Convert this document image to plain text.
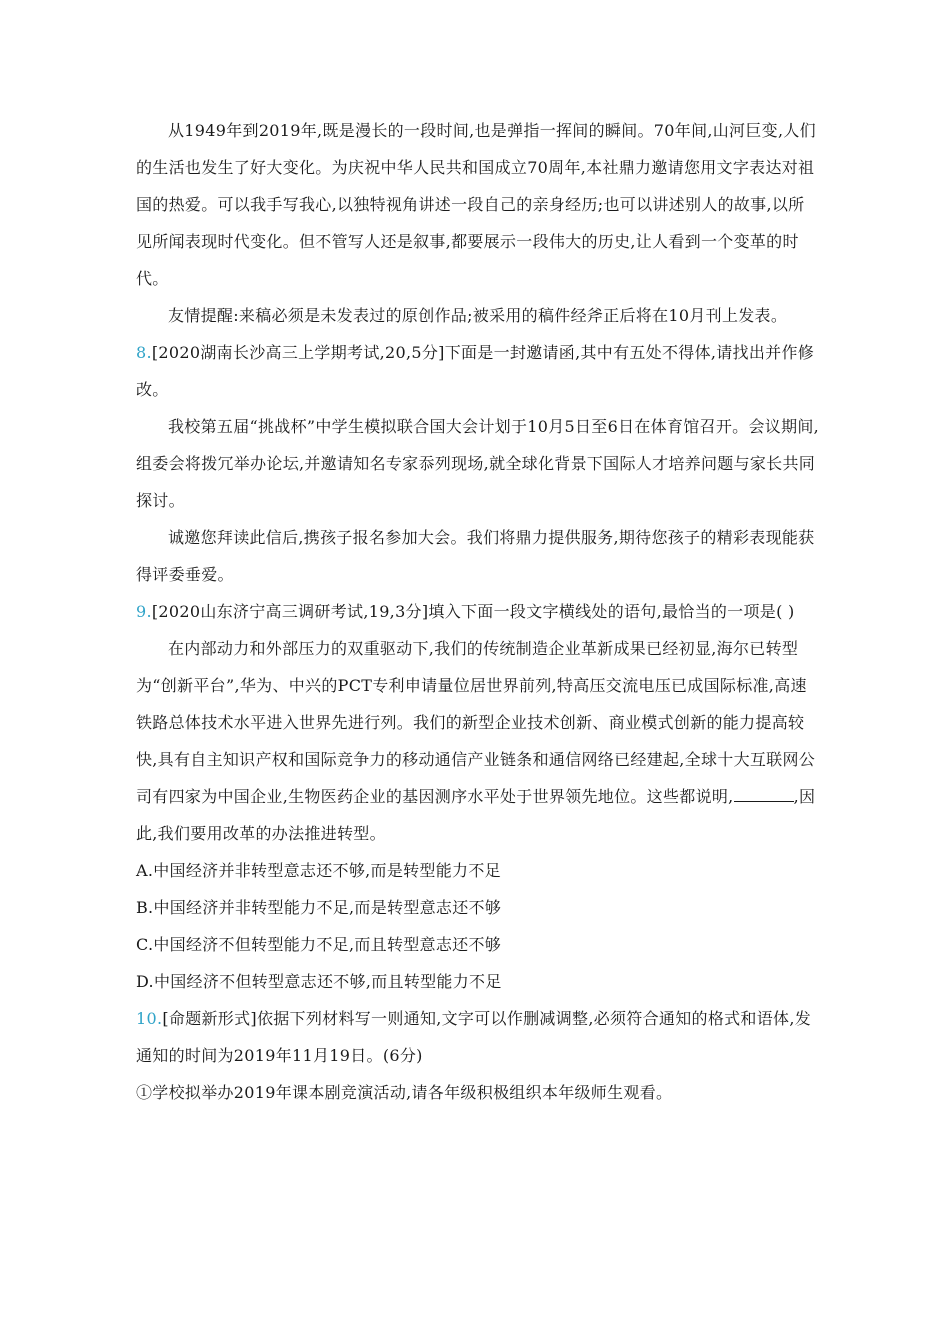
从1949年到2019年,既是漫长的一段时间,也是弹指一挥间的瞬间。70年间,山河巨变,人们的生活也发生了好大变化。为庆祝中华人民共和国成立70周年,本社鼎力邀请您用文字表达对祖国的热爱。可以我手写我心,以独特视角讲述一段自己的亲身经历;也可以讲述别人的故事,以所见所闻表现时代变化。但不管写人还是叙事,都要展示一段伟大的历史,让人看到一个变革的时代。

友情提醒:来稿必须是未发表过的原创作品;被采用的稿件经斧正后将在10月刊上发表。

8.[2020湖南长沙高三上学期考试,20,5分]下面是一封邀请函,其中有五处不得体,请找出并作修改。

我校第五届“挑战杯”中学生模拟联合国大会计划于10月5日至6日在体育馆召开。会议期间,组委会将拨冗举办论坛,并邀请知名专家忝列现场,就全球化背景下国际人才培养问题与家长共同探讨。

诚邀您拜读此信后,携孩子报名参加大会。我们将鼎力提供服务,期待您孩子的精彩表现能获得评委垂爱。

9.[2020山东济宁高三调研考试,19,3分]填入下面一段文字横线处的语句,最恰当的一项是( )

在内部动力和外部压力的双重驱动下,我们的传统制造企业革新成果已经初显,海尔已转型为“创新平台”,华为、中兴的PCT专利申请量位居世界前列,特高压交流电压已成国际标准,高速铁路总体技术水平进入世界先进行列。我们的新型企业技术创新、商业模式创新的能力提高较快,具有自主知识产权和国际竞争力的移动通信产业链条和通信网络已经建起,全球十大互联网公司有四家为中国企业,生物医药企业的基因测序水平处于世界领先地位。这些都说明,	,因此,我们要用改革的办法推进转型。

A.中国经济并非转型意志还不够,而是转型能力不足

B.中国经济并非转型能力不足,而是转型意志还不够

C.中国经济不但转型能力不足,而且转型意志还不够

D.中国经济不但转型意志还不够,而且转型能力不足

10.[命题新形式]依据下列材料写一则通知,文字可以作删减调整,必须符合通知的格式和语体,发通知的时间为2019年11月19日。(6分)

①学校拟举办2019年课本剧竞演活动,请各年级积极组织本年级师生观看。
